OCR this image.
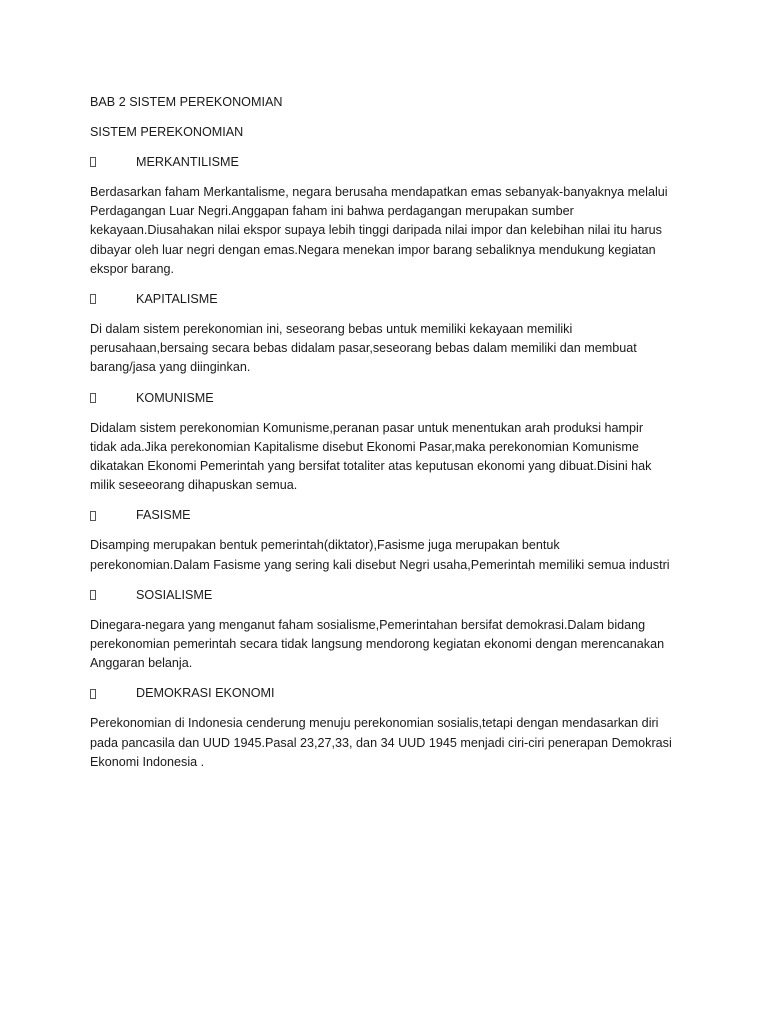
BAB 2 SISTEM PEREKONOMIAN
SISTEM PEREKONOMIAN
MERKANTILISME
Berdasarkan faham Merkantalisme, negara berusaha mendapatkan emas sebanyak-banyaknya melalui
Perdagangan Luar Negri.Anggapan faham ini bahwa perdagangan merupakan sumber
kekayaan.Diusahakan nilai ekspor supaya lebih tinggi daripada nilai impor dan kelebihan nilai itu harus
dibayar oleh luar negri dengan emas.Negara menekan impor barang sebaliknya mendukung kegiatan
ekspor barang.
KAPITALISME
Di dalam sistem perekonomian ini, seseorang bebas untuk memiliki kekayaan memiliki
perusahaan,bersaing secara bebas didalam pasar,seseorang bebas dalam memiliki dan membuat
barang/jasa yang diinginkan.
KOMUNISME
Didalam sistem perekonomian Komunisme,peranan pasar untuk menentukan arah produksi hampir
tidak ada.Jika perekonomian Kapitalisme disebut Ekonomi Pasar,maka perekonomian Komunisme
dikatakan Ekonomi Pemerintah yang bersifat totaliter atas keputusan ekonomi yang dibuat.Disini hak
milik seseeorang dihapuskan semua.
FASISME
Disamping merupakan bentuk pemerintah(diktator),Fasisme juga merupakan bentuk
perekonomian.Dalam Fasisme yang sering kali disebut Negri usaha,Pemerintah memiliki semua industri
SOSIALISME
Dinegara-negara yang menganut faham sosialisme,Pemerintahan bersifat demokrasi.Dalam bidang
perekonomian pemerintah secara tidak langsung mendorong kegiatan ekonomi dengan merencanakan
Anggaran belanja.
DEMOKRASI EKONOMI
Perekonomian di Indonesia cenderung menuju perekonomian sosialis,tetapi dengan mendasarkan diri
pada pancasila dan UUD 1945.Pasal 23,27,33, dan 34 UUD 1945 menjadi ciri-ciri penerapan Demokrasi
Ekonomi Indonesia .
